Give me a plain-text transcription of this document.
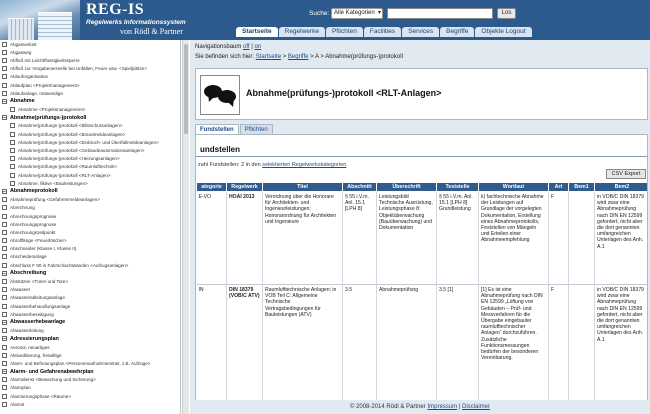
REG-IS
Regelwerks Informationssystem
von Rödl & Partner
Suche: Alle Kategorien ▾	Los
Startseite	Regelwerke	Pflichten	Facilities	Services	Begriffe	Objekte Logout
Abgasverlust
Abgasweg
Abfluß mit Leichtflüssigkeitssperre
Abfluß zur Vorgabenerreelle bei Unfällen, Feuer usw. <Spielplätze>
Ablauforganisation
Ablaufplan <Projektmanagement>
Ablaufanlage, notwendige
–
Abnahme
Abnahme <Projektmanagement>
–
Abnahme(prüfungs-)protokoll
Abnahme(prüfungs-)protokoll <Blitzschutzanlagen>
Abnahme(prüfungs-)protokoll <Brandmeldeanlagen>
Abnahme(prüfungs-)protokoll <Einbruch- und Überfallmeldeanlagen>
Abnahme(prüfungs-)protokoll <Gebäudeautomationsanlagen>
Abnahme(prüfungs-)protokoll <Heizungsanlagen>
Abnahme(prüfungs-)protokoll <Raumlufttechnik>
Abnahme(prüfungs-)protokoll <RLT-Anlagen>
Abnahme, fiktive <Bauleistungen>
–
Abnahmeprotokoll
Abnahmeprüfung <Gefahrenmeldeanlagen>
Abrechnung
Abrechnungsprognose
Abrechnungsprognose
Abrechnungszeitpunkt
Abrollfänge <Feuerlöscher>
Abschneider (Klasse I, Klasse II)
Abscheideranlage
Abschluss F 90 in Fahrschachtwänden <Aufzugsanlagen>
–
Abschreibung
Abstützen <Türen und Tore>
Abwasser
Abwasserableitungsanlage
Abwasserbehandlungsanlage
Abwasserbeseitigung
–
Abwasserhebeanlage
Abwasserleitung
–
Adressierungsplan
Aerosol, neuartiges
Aktiveditierung, freiwillige
Alarm- und Befreiungsplan <Personenaufnahmemittel, z.B. Aufzüge>
–
Alarm- und Gefahrenabwehrplan
Alarmdienst <Bewachung und Sicherung>
Alarmplan
Alarmierungsphase <Räume>
Alarmit
Navigationsbaum off | on
Sie befinden sich hier: Startseite > Begriffe > A > Abnahme(prüfungs-)protokoll
Abnahme(prüfungs-)protokoll <RLT-Anlagen>
Fundstellen	Pflichten
undstellen
zahl Fundstellen: 2 in den selektierten Regelwerkskategorien
CSV Export
ategorie	Regelwerk	Titel	Abschnitt	Überschrift	Teststelle	Wortlaut	Art	Bem1	Bem2
E-VO	HOAI 2013	Verordnung über die Honorare für Architekten- und Ingenieurleistungen; Honorarordnung für Architekten und Ingenieure	§ 55 i.V.m. Anl. 15.1 [LPH 8]	Leistungsbild Technische Ausrüstung, Leistungsphase 8: Objektüberwachung (Bauüberwachung) und Dokumentation	§ 55 i.V.m. Anl. 15.1 [LPH 8] Grundleistung	k) fachtechnische Abnahme der Leistungen auf Grundlage der vorgelegten Dokumentation, Erstellung eines Abnahmeprotokolls, Feststellen von Mängeln und Erteilen einer Abnahmeempfehlung	F		in VOB/C DIN 18379 wird zwar eine Abnahmeprüfung nach DIN EN 12599 gefordert, nicht aber die dort genannten umfangreichen Unterlagen des Anh. A.1
IN	DIN 18379 (VOB/C ATV)	Raumlufttechnische Anlagen; in VOB Teil C: Allgemeine Technische Vertragsbedingungen für Bauleistungen (ATV)	3.5	Abnahmeprüfung	3.5 [1]	[1] Es ist eine Abnahmeprüfung nach DIN EN 12599 „Lüftung von Gebäuden – Prüf- und Messverfahren für die Übergabe eingebauter raumlufttechnischer Anlagen“ durchzuführen. Zusätzliche Funktionsmessungen bedürfen der besonderen Vereinbarung.	F		in VOB/C DIN 18379 wird zwar eine Abnahmeprüfung nach DIN EN 12599 gefordert, nicht aber die dort genannten umfangreichen Unterlagen des Anh. A.1
© 2008-2014 Rödl & Partner Impressum | Disclaimer
